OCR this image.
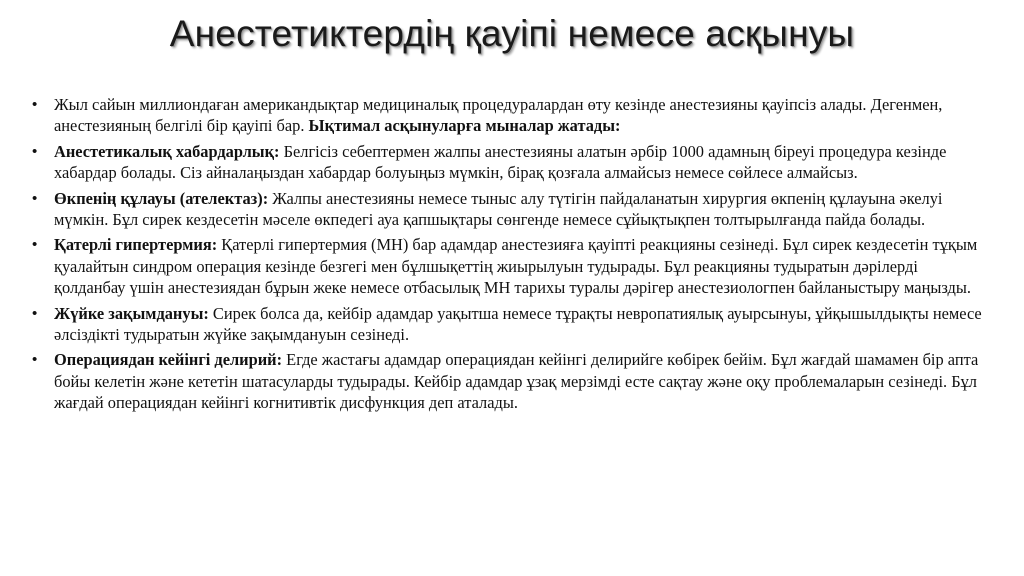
Анестетиктердің қауіпі немесе асқынуы
• Жыл сайын миллиондаған американдықтар медициналық процедуралардан өту кезінде анестезияны қауіпсіз алады. Дегенмен, анестезияның белгілі бір қауіпі бар. Ықтимал асқынуларға мыналар жатады:
• Анестетикалық хабардарлық: Белгісіз себептермен жалпы анестезияны алатын әрбір 1000 адамның біреуі процедура кезінде хабардар болады. Сіз айналаңыздан хабардар болуыңыз мүмкін, бірақ қозғала алмайсыз немесе сөйлесе алмайсыз.
• Өкпенің құлауы (ателектаз): Жалпы анестезияны немесе тыныс алу түтігін пайдаланатын хирургия өкпенің құлауына әкелуі мүмкін. Бұл сирек кездесетін мәселе өкпедегі ауа қапшықтары сөнгенде немесе сұйықтықпен толтырылғанда пайда болады.
• Қатерлі гипертермия: Қатерлі гипертермия (МН) бар адамдар анестезияға қауіпті реакцияны сезінеді. Бұл сирек кездесетін тұқым қуалайтын синдром операция кезінде безгегі мен бұлшықеттің жиырылуын тудырады. Бұл реакцияны тудыратын дәрілерді қолданбау үшін анестезиядан бұрын жеке немесе отбасылық МН тарихы туралы дәрігер анестезиологпен байланыстыру маңызды.
• Жүйке зақымдануы: Сирек болса да, кейбір адамдар уақытша немесе тұрақты невропатиялық ауырсынуы, ұйқышылдықты немесе әлсіздікті тудыратын жүйке зақымдануын сезінеді.
• Операциядан кейінгі делирий: Егде жастағы адамдар операциядан кейінгі делирийге көбірек бейім. Бұл жағдай шамамен бір апта бойы келетін және кететін шатасуларды тудырады. Кейбір адамдар ұзақ мерзімді есте сақтау және оқу проблемаларын сезінеді. Бұл жағдай операциядан кейінгі когнитивтік дисфункция деп аталады.
